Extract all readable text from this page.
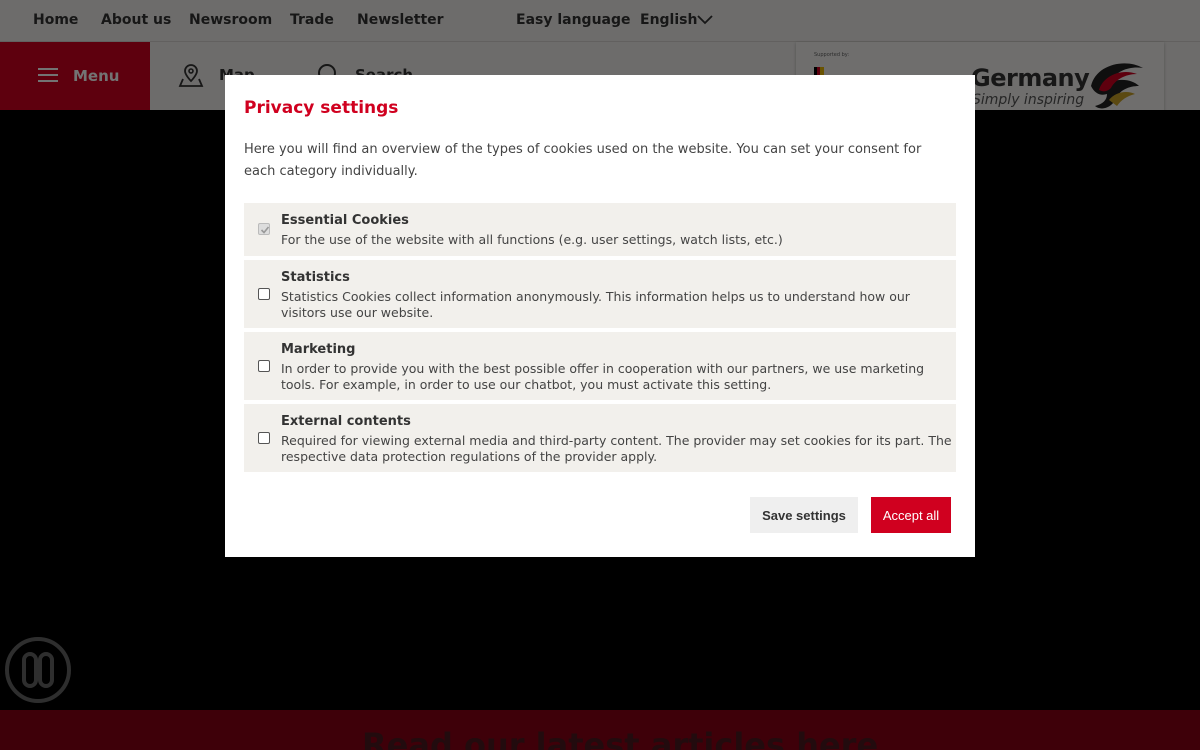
Privacy settings

Here you will find an overview of the types of cookies used on the website. You can set your consent for each category individually.

Essential Cookies
For the use of the website with all functions (e.g. user settings, watch lists, etc.)
Statistics
Statistics Cookies collect information anonymously. This information helps us to understand how our visitors use our website.
Marketing
In order to provide you with the best possible offer in cooperation with our partners, we use marketing tools. For example, in order to use our chatbot, you must activate this setting.
External contents
Required for viewing external media and third-party content. The provider may set cookies for its part. The respective data protection regulations of the provider apply.
Save settings	Accept all
